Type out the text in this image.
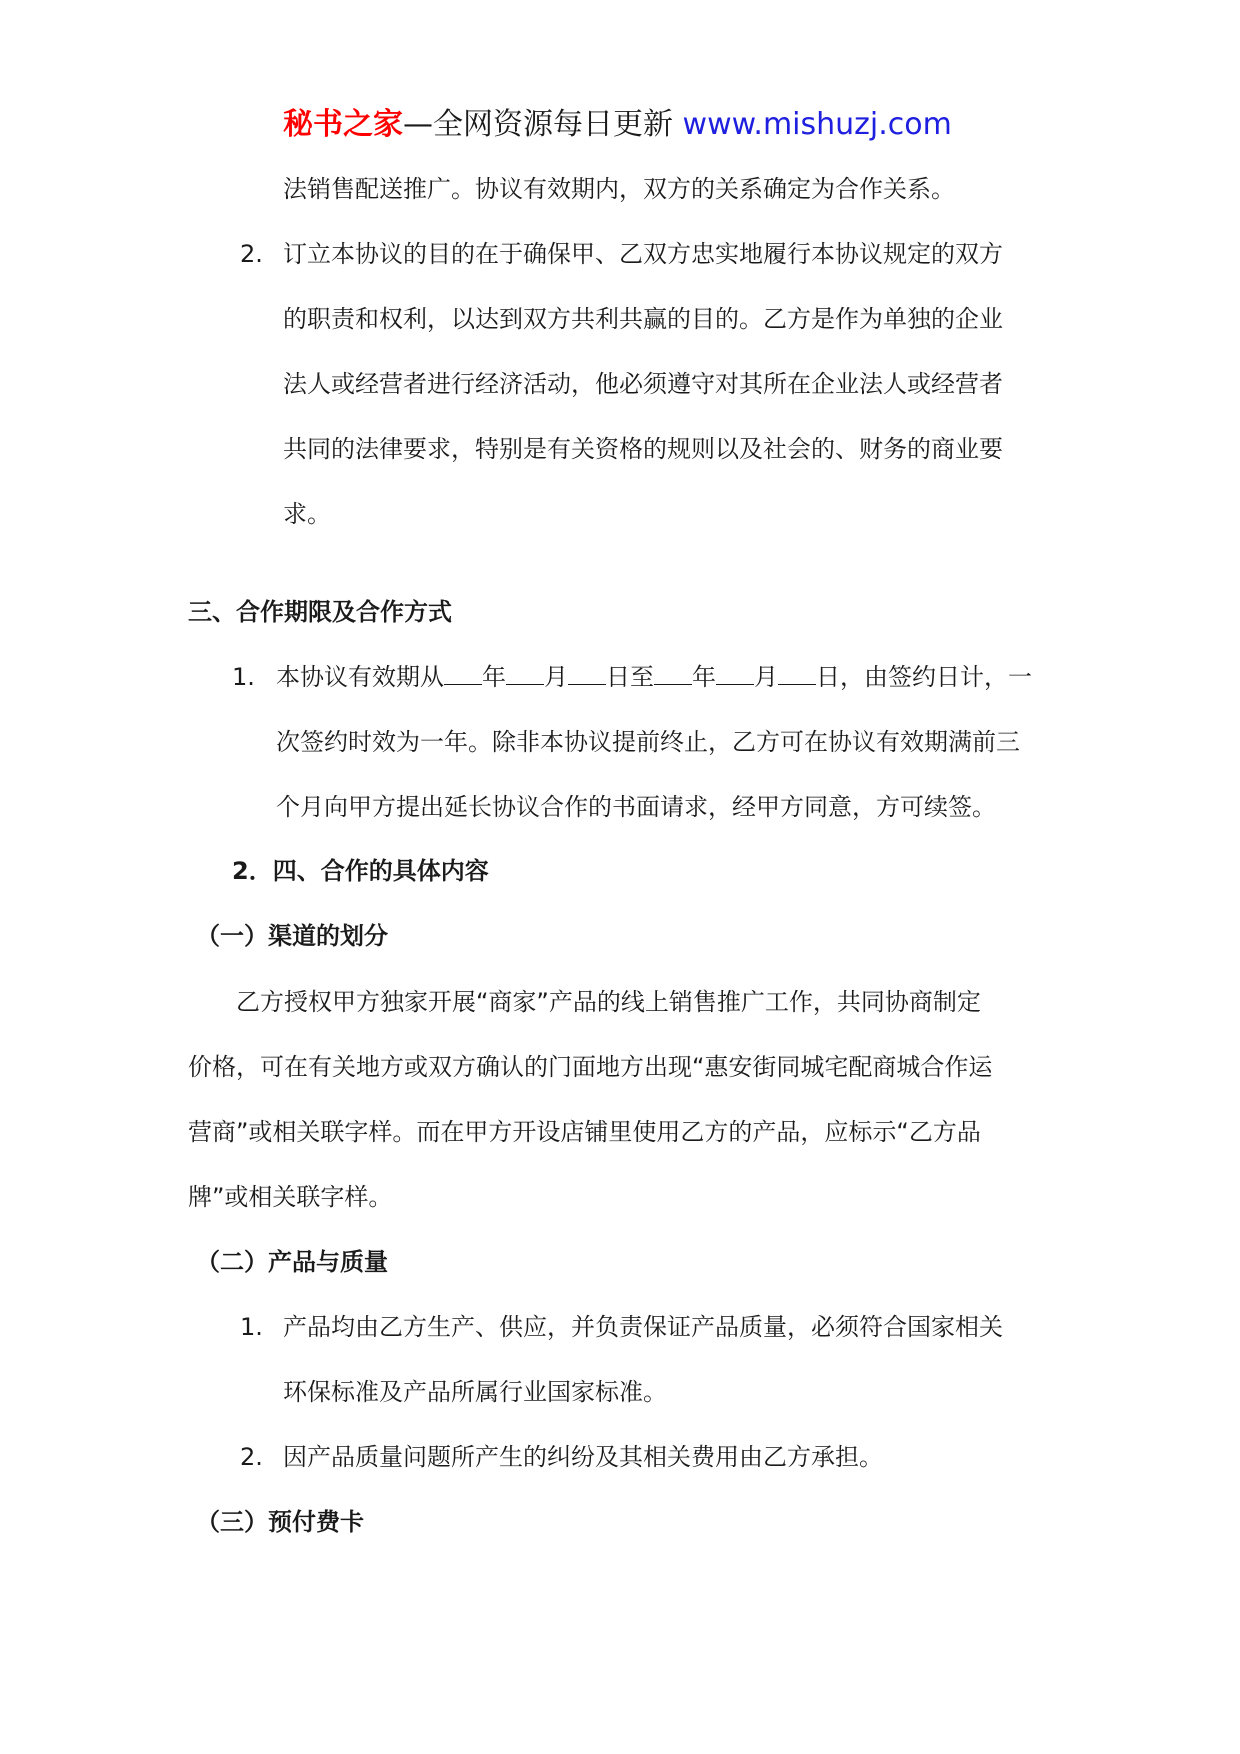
秘书之家—全网资源每日更新 www.mishuzj.com
法销售配送推广。协议有效期内，双方的关系确定为合作关系。
2. 订立本协议的目的在于确保甲、乙双方忠实地履行本协议规定的双方
的职责和权利，以达到双方共利共赢的目的。乙方是作为单独的企业
法人或经营者进行经济活动，他必须遵守对其所在企业法人或经营者
共同的法律要求，特别是有关资格的规则以及社会的、财务的商业要
求。
三、合作期限及合作方式
1. 本协议有效期从 年 月 日至 年 月 日，由签约日计，一
次签约时效为一年。除非本协议提前终止，乙方可在协议有效期满前三
个月向甲方提出延长协议合作的书面请求，经甲方同意，方可续签。
2．四、合作的具体内容
（一）渠道的划分
乙方授权甲方独家开展“商家”产品的线上销售推广工作，共同协商制定
价格，可在有关地方或双方确认的门面地方出现“惠安街同城宅配商城合作运
营商”或相关联字样。而在甲方开设店铺里使用乙方的产品，应标示“乙方品
牌”或相关联字样。
（二）产品与质量
1. 产品均由乙方生产、供应，并负责保证产品质量，必须符合国家相关
环保标准及产品所属行业国家标准。
2. 因产品质量问题所产生的纠纷及其相关费用由乙方承担。
（三）预付费卡
